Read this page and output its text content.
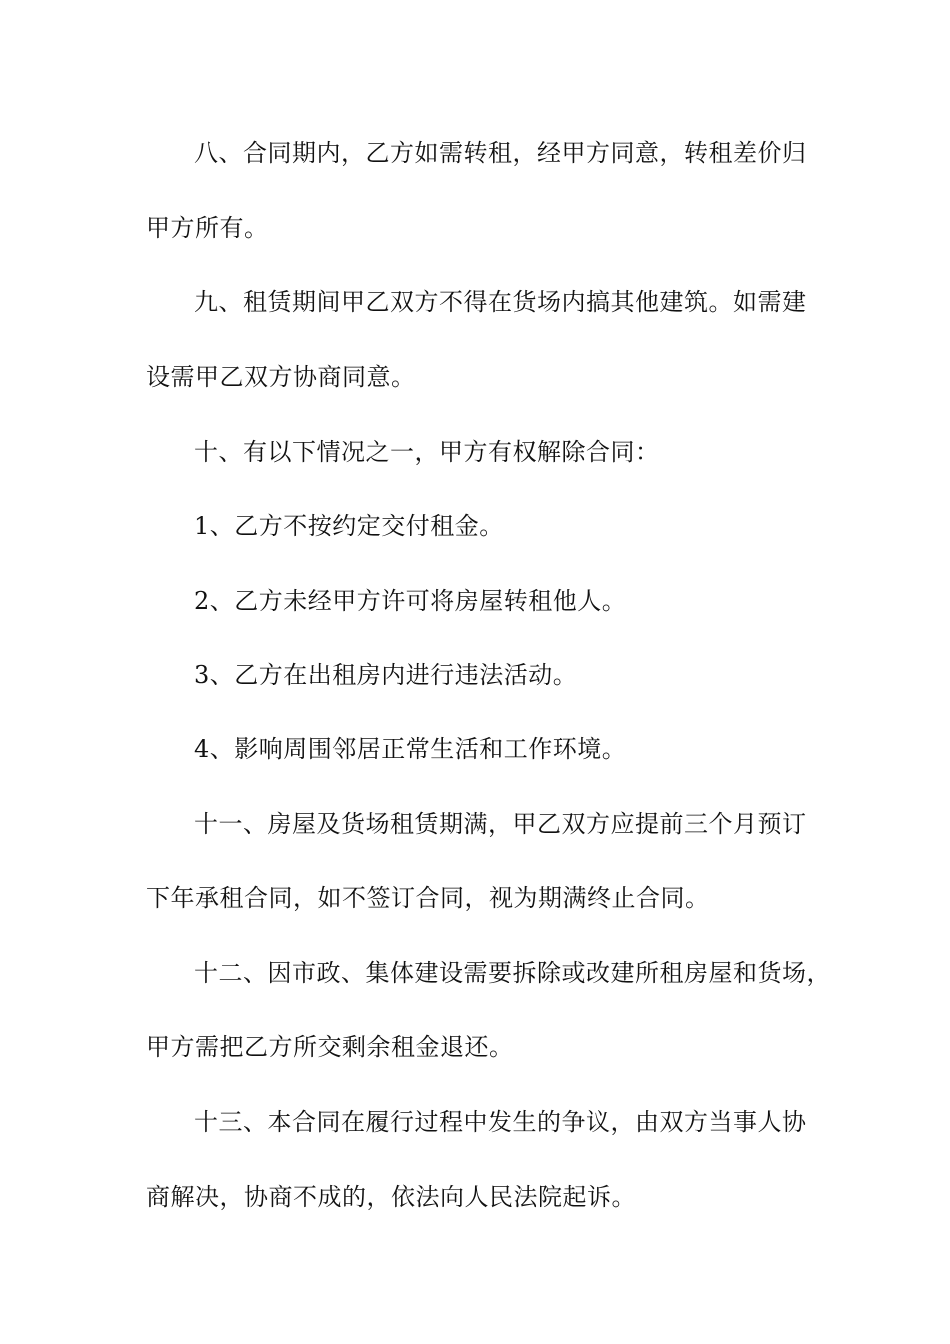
八、合同期内，乙方如需转租，经甲方同意，转租差价归
甲方所有。
九、租赁期间甲乙双方不得在货场内搞其他建筑。如需建
设需甲乙双方协商同意。
十、有以下情况之一，甲方有权解除合同：
1、乙方不按约定交付租金。
2、乙方未经甲方许可将房屋转租他人。
3、乙方在出租房内进行违法活动。
4、影响周围邻居正常生活和工作环境。
十一、房屋及货场租赁期满，甲乙双方应提前三个月预订
下年承租合同，如不签订合同，视为期满终止合同。
十二、因市政、集体建设需要拆除或改建所租房屋和货场，
甲方需把乙方所交剩余租金退还。
十三、本合同在履行过程中发生的争议，由双方当事人协
商解决，协商不成的，依法向人民法院起诉。
